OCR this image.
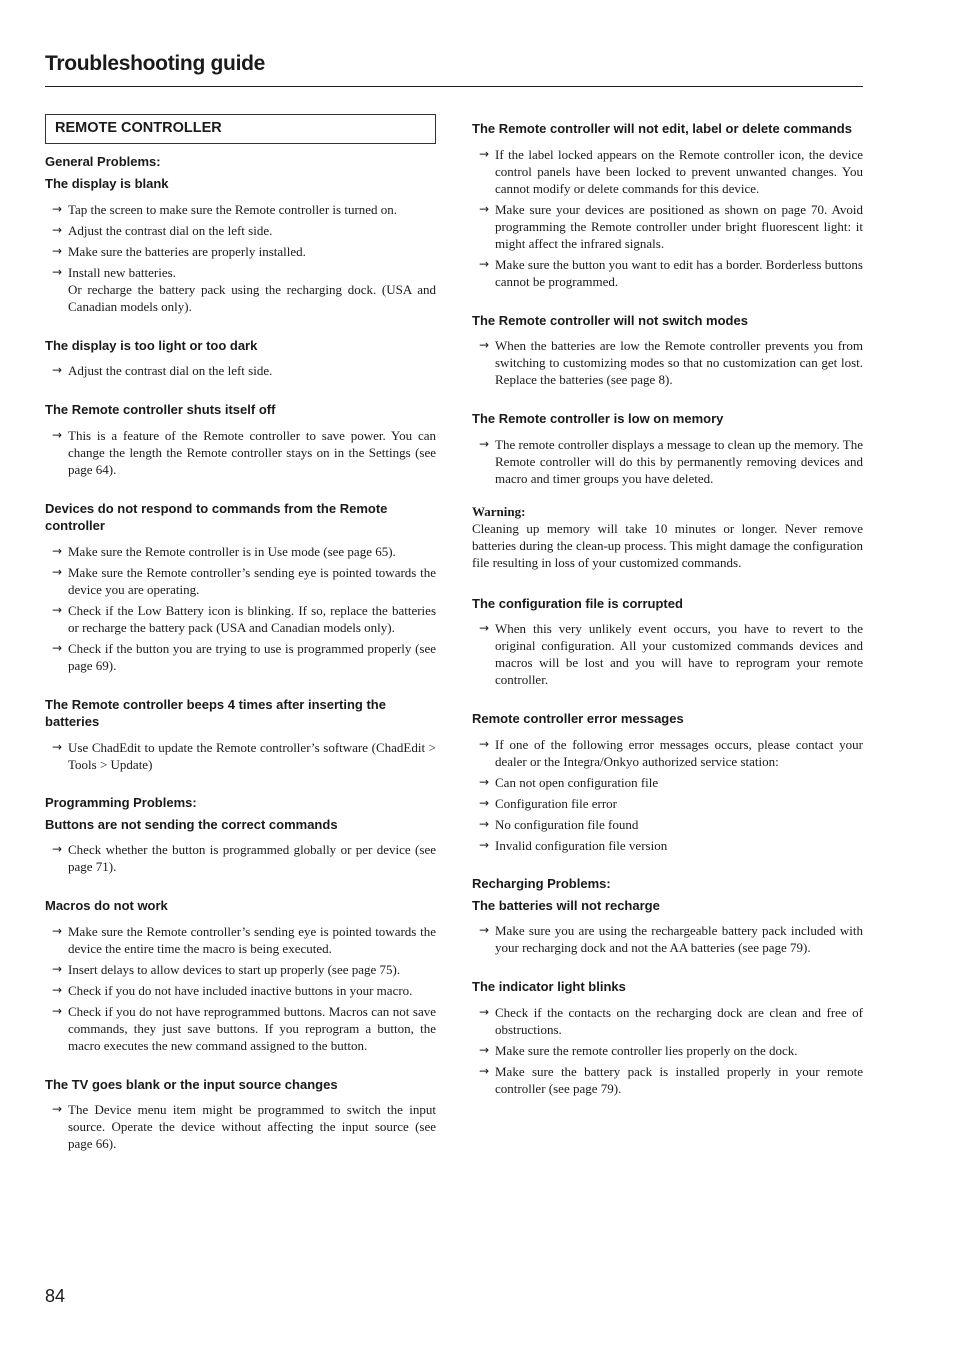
Troubleshooting guide
REMOTE CONTROLLER
General Problems:
The display is blank
→ Tap the screen to make sure the Remote controller is turned on.
→ Adjust the contrast dial on the left side.
→ Make sure the batteries are properly installed.
→ Install new batteries.
Or recharge the battery pack using the recharging dock. (USA and Canadian models only).
The display is too light or too dark
→ Adjust the contrast dial on the left side.
The Remote controller shuts itself off
→ This is a feature of the Remote controller to save power. You can change the length the Remote controller stays on in the Settings (see page 64).
Devices do not respond to commands from the Remote controller
→ Make sure the Remote controller is in Use mode (see page 65).
→ Make sure the Remote controller’s sending eye is pointed towards the device you are operating.
→ Check if the Low Battery icon is blinking. If so, replace the batteries or recharge the battery pack (USA and Canadian models only).
→ Check if the button you are trying to use is programmed properly (see page 69).
The Remote controller beeps 4 times after inserting the batteries
→ Use ChadEdit to update the Remote controller’s software (ChadEdit > Tools > Update)
Programming Problems:
Buttons are not sending the correct commands
→ Check whether the button is programmed globally or per device (see page 71).
Macros do not work
→ Make sure the Remote controller’s sending eye is pointed towards the device the entire time the macro is being executed.
→ Insert delays to allow devices to start up properly (see page 75).
→ Check if you do not have included inactive buttons in your macro.
→ Check if you do not have reprogrammed buttons. Macros can not save commands, they just save buttons. If you reprogram a button, the macro executes the new command assigned to the button.
The TV goes blank or the input source changes
→ The Device menu item might be programmed to switch the input source. Operate the device without affecting the input source (see page 66).
The Remote controller will not edit, label or delete commands
→ If the label locked appears on the Remote controller icon, the device control panels have been locked to prevent unwanted changes. You cannot modify or delete commands for this device.
→ Make sure your devices are positioned as shown on page 70. Avoid programming the Remote controller under bright fluorescent light: it might affect the infrared signals.
→ Make sure the button you want to edit has a border. Borderless buttons cannot be programmed.
The Remote controller will not switch modes
→ When the batteries are low the Remote controller prevents you from switching to customizing modes so that no customization can get lost. Replace the batteries (see page 8).
The Remote controller is low on memory
→ The remote controller displays a message to clean up the memory. The Remote controller will do this by permanently removing devices and macro and timer groups you have deleted.
Warning:
Cleaning up memory will take 10 minutes or longer. Never remove batteries during the clean-up process. This might damage the configuration file resulting in loss of your customized commands.
The configuration file is corrupted
→ When this very unlikely event occurs, you have to revert to the original configuration. All your customized commands devices and macros will be lost and you will have to reprogram your remote controller.
Remote controller error messages
→ If one of the following error messages occurs, please contact your dealer or the Integra/Onkyo authorized service station:
→ Can not open configuration file
→ Configuration file error
→ No configuration file found
→ Invalid configuration file version
Recharging Problems:
The batteries will not recharge
→ Make sure you are using the rechargeable battery pack included with your recharging dock and not the AA batteries (see page 79).
The indicator light blinks
→ Check if the contacts on the recharging dock are clean and free of obstructions.
→ Make sure the remote controller lies properly on the dock.
→ Make sure the battery pack is installed properly in your remote controller (see page 79).
84
